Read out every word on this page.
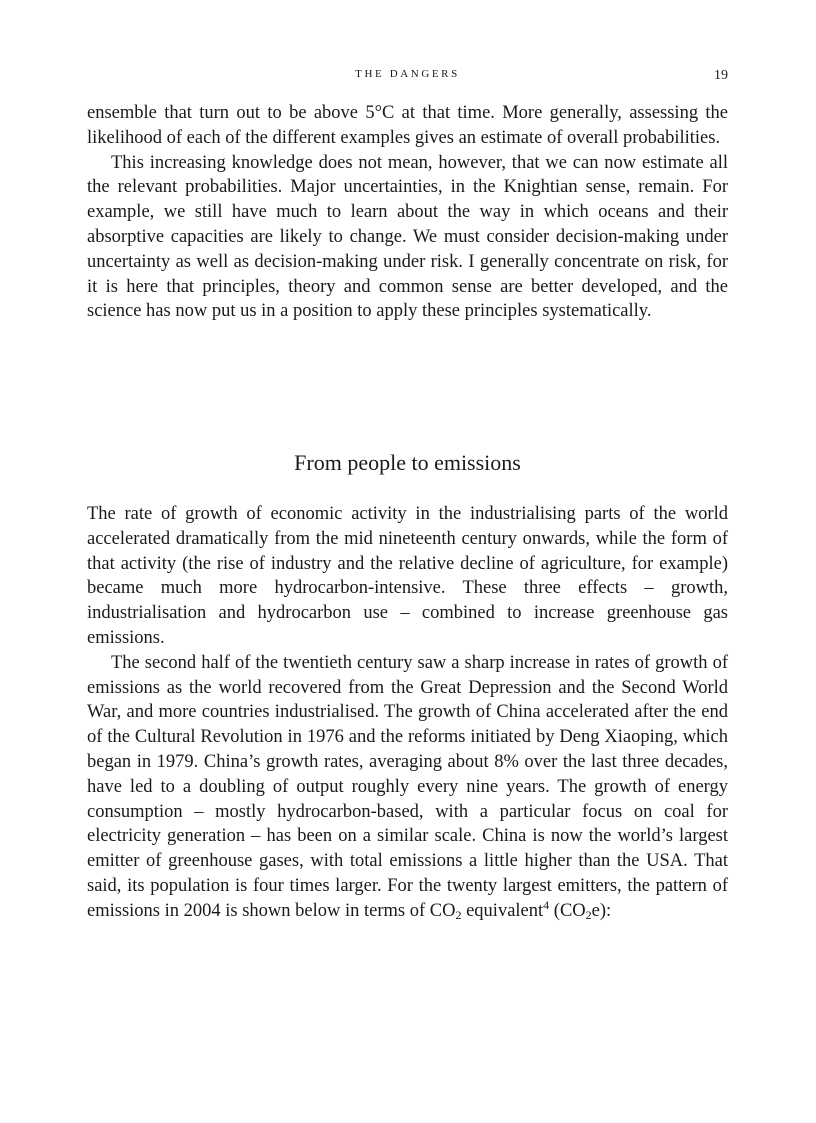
THE DANGERS	19

ensemble that turn out to be above 5°C at that time. More generally, assessing the likelihood of each of the different examples gives an estimate of overall probabilities.

This increasing knowledge does not mean, however, that we can now estimate all the relevant probabilities. Major uncertainties, in the Knightian sense, remain. For example, we still have much to learn about the way in which oceans and their absorptive capacities are likely to change. We must consider decision-making under uncertainty as well as decision-making under risk. I generally concentrate on risk, for it is here that principles, theory and common sense are better developed, and the science has now put us in a position to apply these principles systematically.

From people to emissions

The rate of growth of economic activity in the industrialising parts of the world accelerated dramatically from the mid nineteenth century onwards, while the form of that activity (the rise of industry and the relative decline of agriculture, for example) became much more hydrocarbon-intensive. These three effects – growth, industrialisation and hydrocarbon use – combined to increase greenhouse gas emissions.

The second half of the twentieth century saw a sharp increase in rates of growth of emissions as the world recovered from the Great Depression and the Second World War, and more countries industrialised. The growth of China accelerated after the end of the Cultural Revolution in 1976 and the reforms initiated by Deng Xiaoping, which began in 1979. China’s growth rates, averaging about 8% over the last three decades, have led to a doubling of output roughly every nine years. The growth of energy consumption – mostly hydrocarbon-based, with a particular focus on coal for electricity generation – has been on a similar scale. China is now the world’s largest emitter of greenhouse gases, with total emissions a little higher than the USA. That said, its population is four times larger. For the twenty largest emitters, the pattern of emissions in 2004 is shown below in terms of $CO_2$ equivalent$^4$ $(CO_2e)$:
